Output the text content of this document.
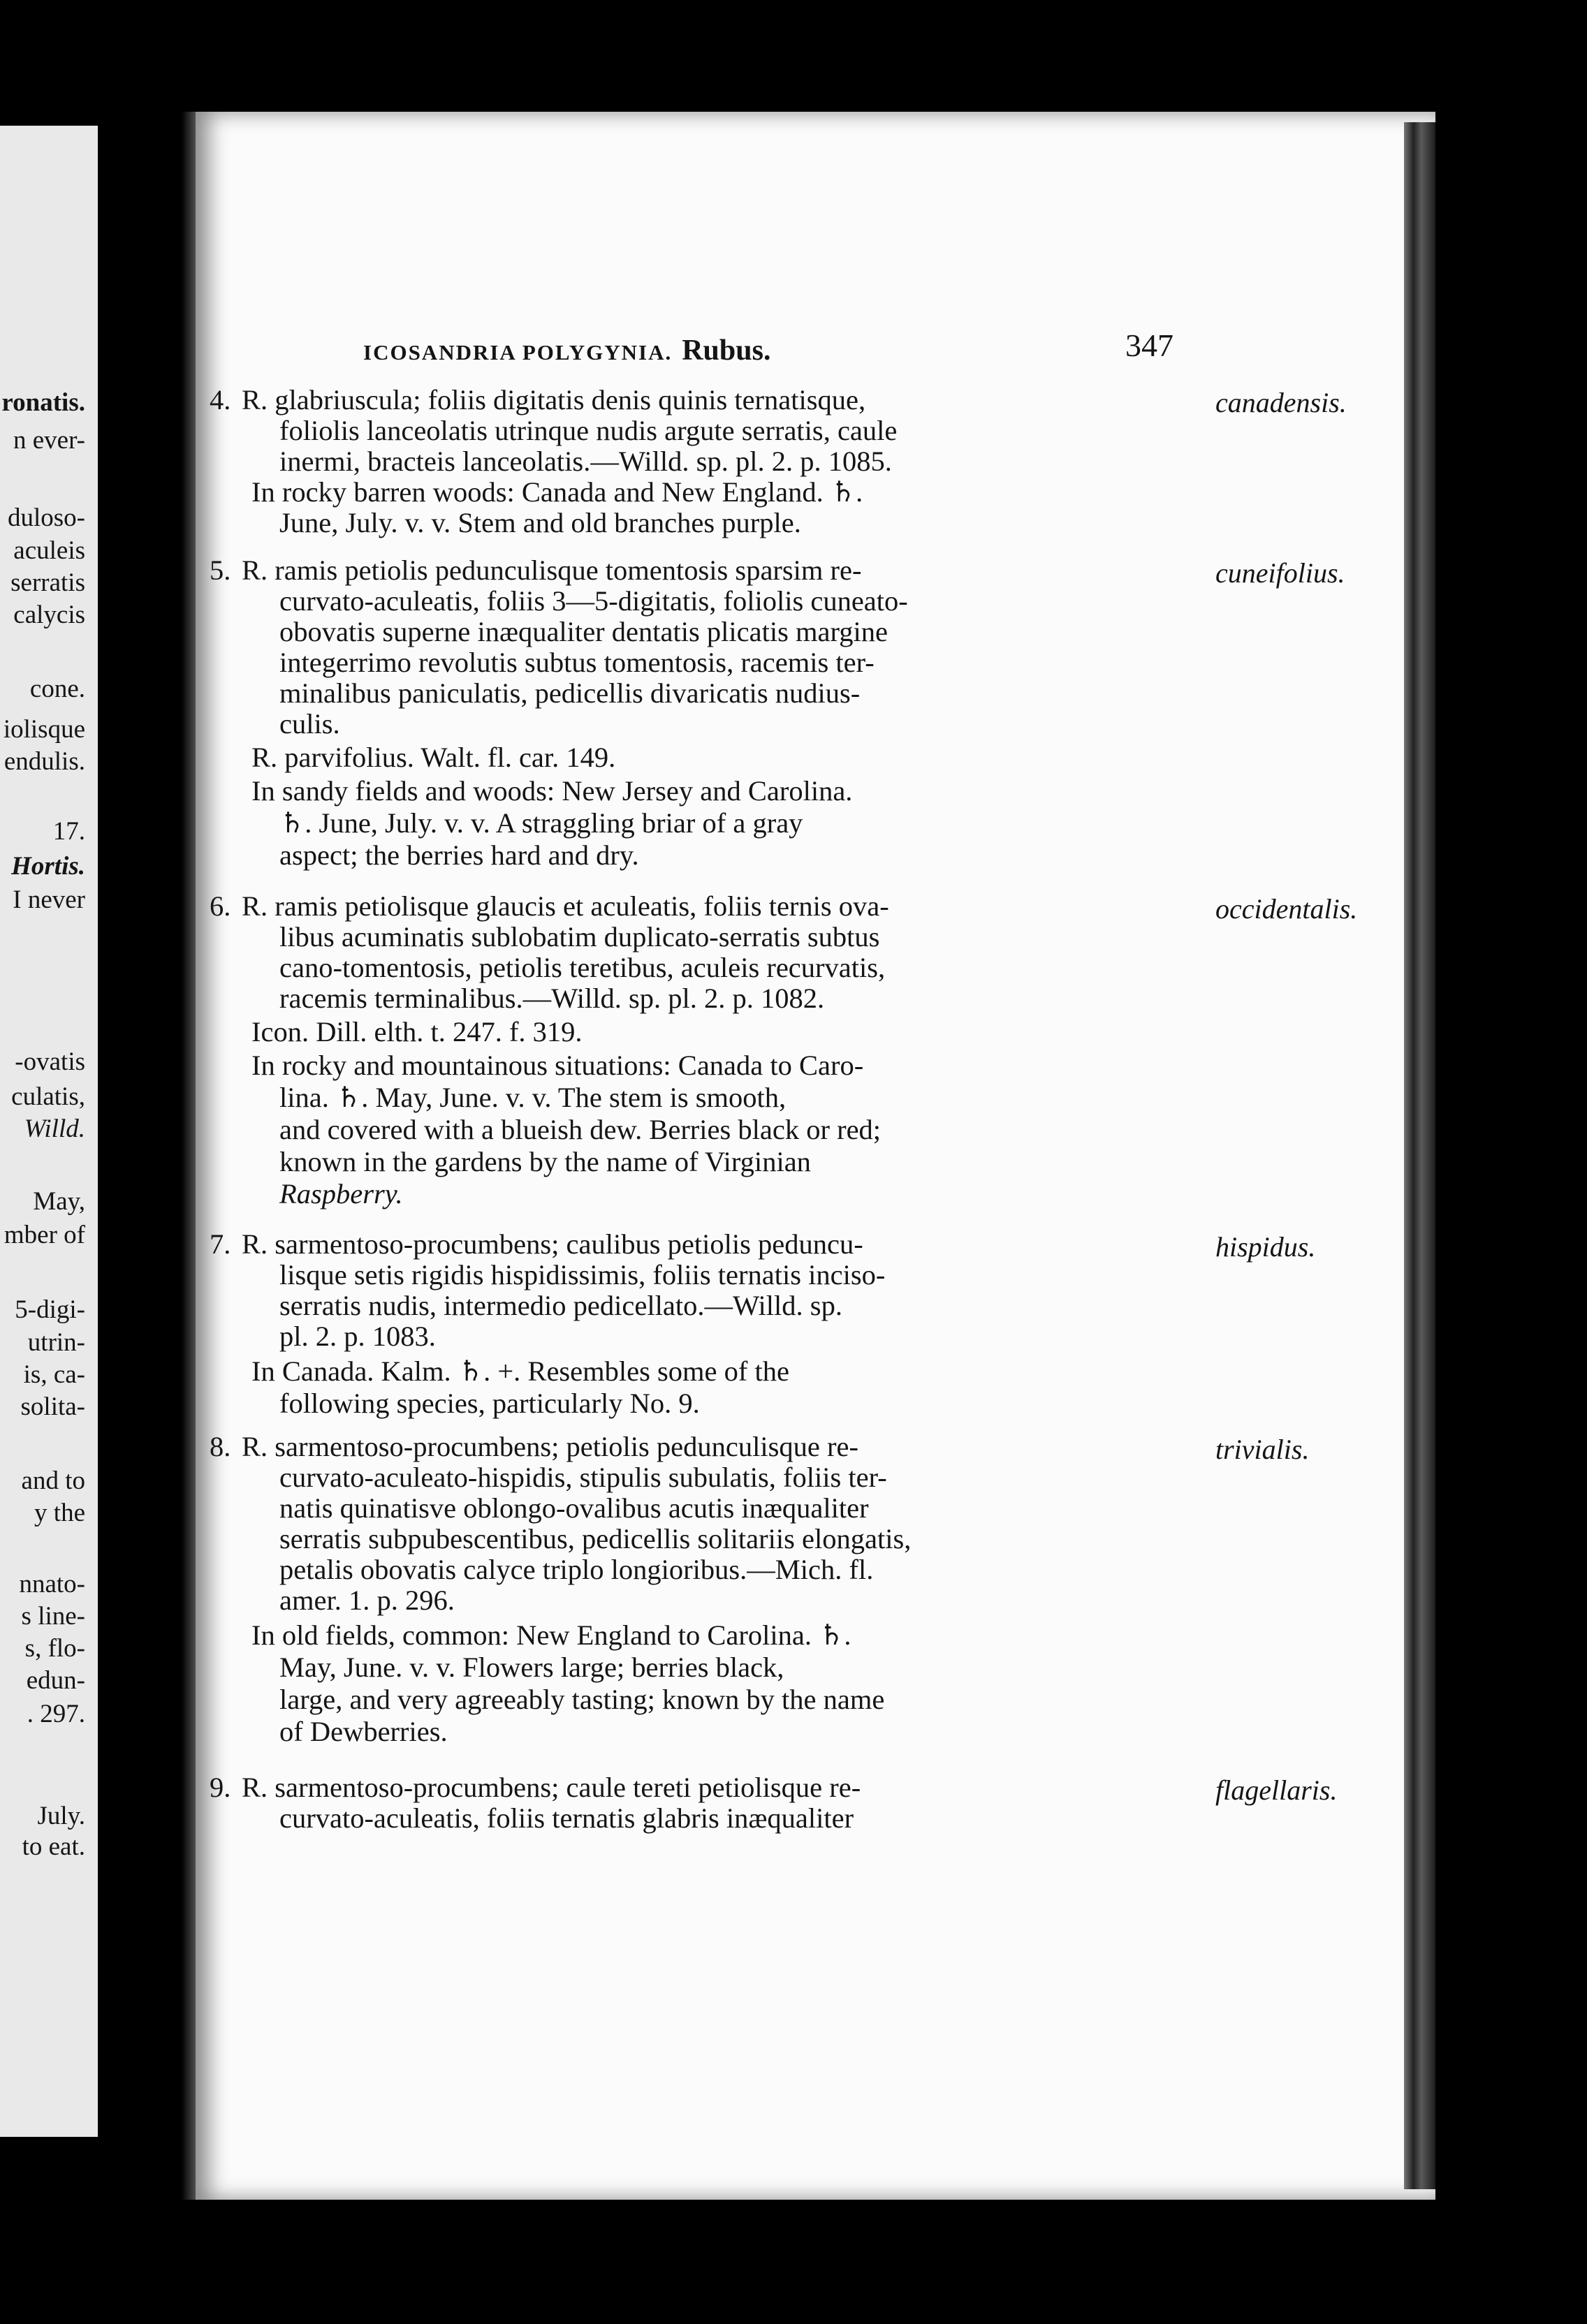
ronatis.
n ever-
duloso-
aculeis
serratis
calycis
cone.
iolisque
endulis.
17.
Hortis.
I never
-ovatis
culatis,
Willd.
May,
mber of
5-digi-
utrin-
is, ca-
solita-
and to
y the
nnato-
s line-
s, flo-
edun-
. 297.
July.
to eat.
ICOSANDRIA POLYGYNIA. Rubus.	347
4. R. glabriuscula; foliis digitatis denis quinis ternatisque,
foliolis lanceolatis utrinque nudis argute serratis, caule
inermi, bracteis lanceolatis.—Willd. sp. pl. 2. p. 1085.
In rocky barren woods: Canada and New England. ♄.
June, July. v. v. Stem and old branches purple.
canadensis.
5. R. ramis petiolis pedunculisque tomentosis sparsim re-
curvato-aculeatis, foliis 3—5-digitatis, foliolis cuneato-
obovatis superne inæqualiter dentatis plicatis margine
integerrimo revolutis subtus tomentosis, racemis ter-
minalibus paniculatis, pedicellis divaricatis nudius-
culis.
R. parvifolius. Walt. fl. car. 149.
In sandy fields and woods: New Jersey and Carolina.
♄. June, July. v. v. A straggling briar of a gray
aspect; the berries hard and dry.
cuneifolius.
6. R. ramis petiolisque glaucis et aculeatis, foliis ternis ova-
libus acuminatis sublobatim duplicato-serratis subtus
cano-tomentosis, petiolis teretibus, aculeis recurvatis,
racemis terminalibus.—Willd. sp. pl. 2. p. 1082.
Icon. Dill. elth. t. 247. f. 319.
In rocky and mountainous situations: Canada to Caro-
lina. ♄. May, June. v. v. The stem is smooth,
and covered with a blueish dew. Berries black or red;
known in the gardens by the name of Virginian
Raspberry.
occidentalis.
7. R. sarmentoso-procumbens; caulibus petiolis peduncu-
lisque setis rigidis hispidissimis, foliis ternatis inciso-
serratis nudis, intermedio pedicellato.—Willd. sp.
pl. 2. p. 1083.
In Canada. Kalm. ♄. +. Resembles some of the
following species, particularly No. 9.
hispidus.
8. R. sarmentoso-procumbens; petiolis pedunculisque re-
curvato-aculeato-hispidis, stipulis subulatis, foliis ter-
natis quinatisve oblongo-ovalibus acutis inæqualiter
serratis subpubescentibus, pedicellis solitariis elongatis,
petalis obovatis calyce triplo longioribus.—Mich. fl.
amer. 1. p. 296.
In old fields, common: New England to Carolina. ♄.
May, June. v. v. Flowers large; berries black,
large, and very agreeably tasting; known by the name
of Dewberries.
trivialis.
9. R. sarmentoso-procumbens; caule tereti petiolisque re-
curvato-aculeatis, foliis ternatis glabris inæqualiter
flagellaris.
